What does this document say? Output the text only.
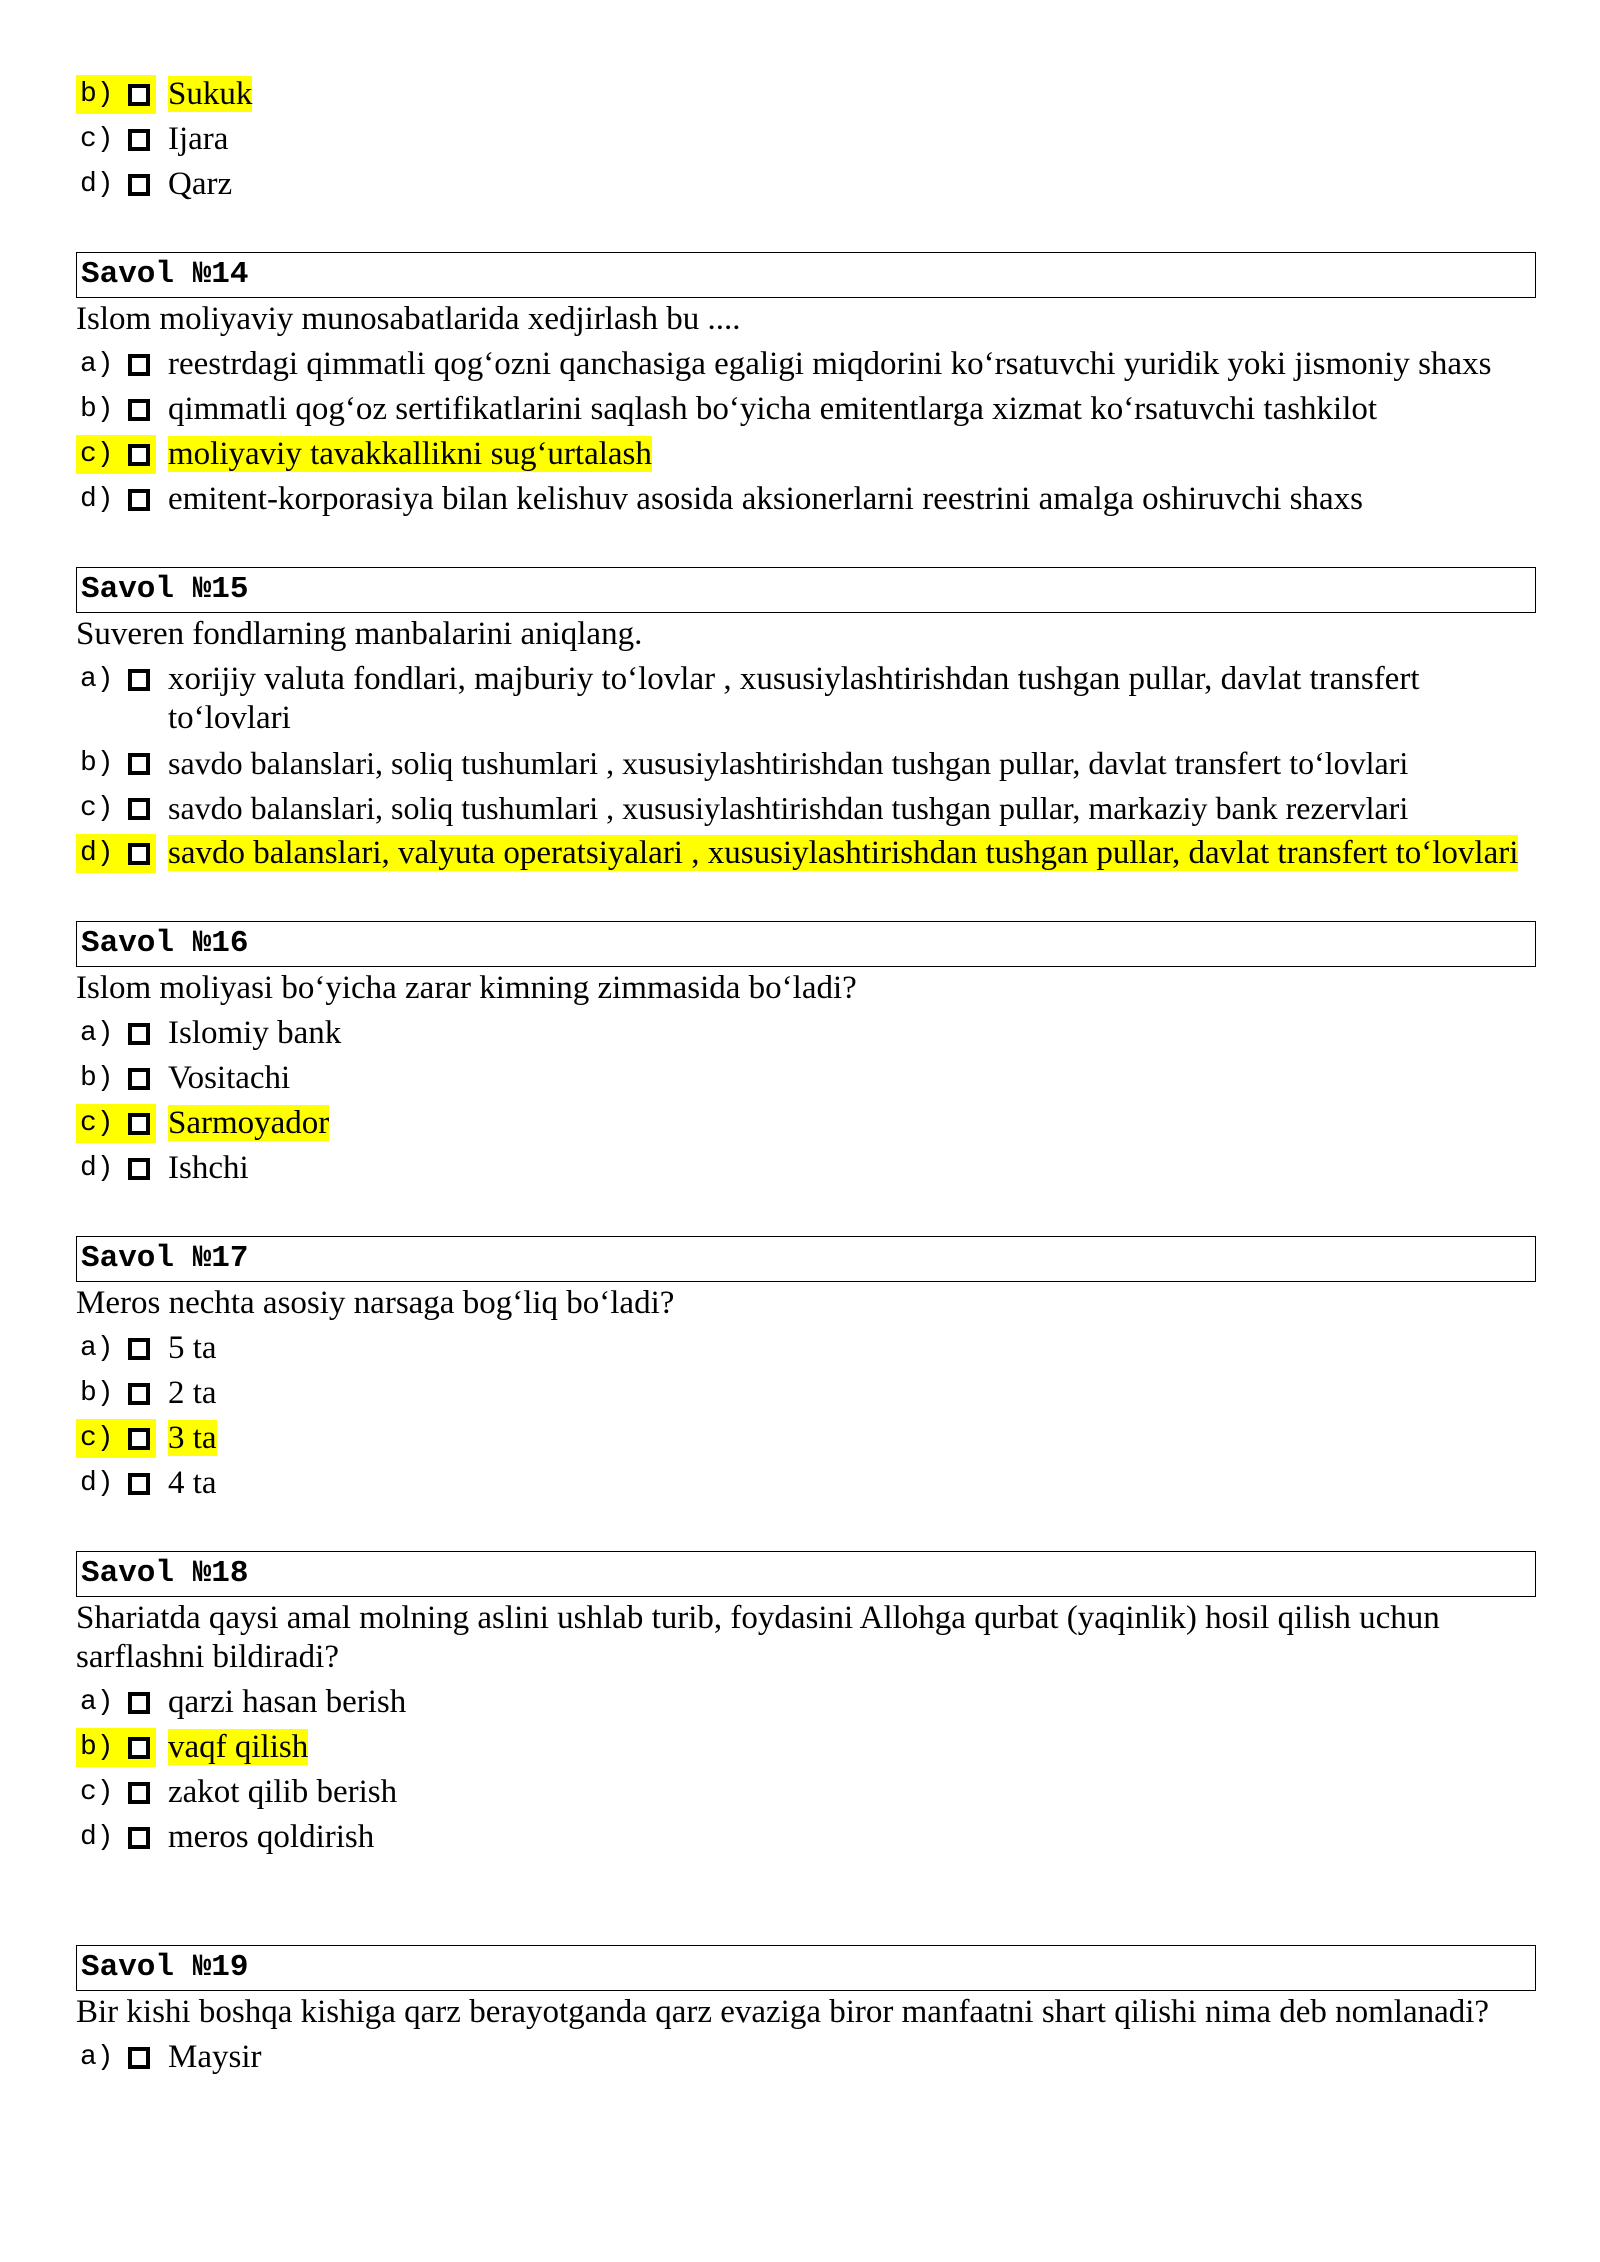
b)	Sukuk
c)	Ijara
d)	Qarz
Savol №14
Islom moliyaviy munosabatlarida xedjirlash bu ....
a)	reestrdagi qimmatli qog‘ozni qanchasiga egaligi miqdorini ko‘rsatuvchi yuridik yoki jismoniy shaxs
b)	qimmatli qog‘oz sertifikatlarini saqlash bo‘yicha emitentlarga xizmat ko‘rsatuvchi tashkilot
c)	moliyaviy tavakkallikni sug‘urtalash
d)	emitent-korporasiya bilan kelishuv asosida aksionerlarni reestrini amalga oshiruvchi shaxs
Savol №15
Suveren fondlarning manbalarini aniqlang.
a)	xorijiy valuta fondlari, majburiy to‘lovlar , xususiylashtirishdan tushgan pullar, davlat transfert to‘lovlari
b)	savdo balanslari, soliq tushumlari , xususiylashtirishdan tushgan pullar, davlat transfert to‘lovlari
c)	savdo balanslari, soliq tushumlari , xususiylashtirishdan tushgan pullar, markaziy bank rezervlari
d)	savdo balanslari, valyuta operatsiyalari , xususiylashtirishdan tushgan pullar, davlat transfert to‘lovlari
Savol №16
Islom moliyasi bo‘yicha zarar kimning zimmasida bo‘ladi?
a)	Islomiy bank
b)	Vositachi
c)	Sarmoyador
d)	Ishchi
Savol №17
Meros nechta asosiy narsaga bog‘liq bo‘ladi?
a)	5 ta
b)	2 ta
c)	3 ta
d)	4 ta
Savol №18
Shariatda qaysi amal molning aslini ushlab turib, foydasini Allohga qurbat (yaqinlik) hosil qilish uchun sarflashni bildiradi?
a)	qarzi hasan berish
b)	vaqf qilish
c)	zakot qilib berish
d)	meros qoldirish
Savol №19
Bir kishi boshqa kishiga qarz berayotganda qarz evaziga biror manfaatni shart qilishi nima deb nomlanadi?
a)	Maysir
